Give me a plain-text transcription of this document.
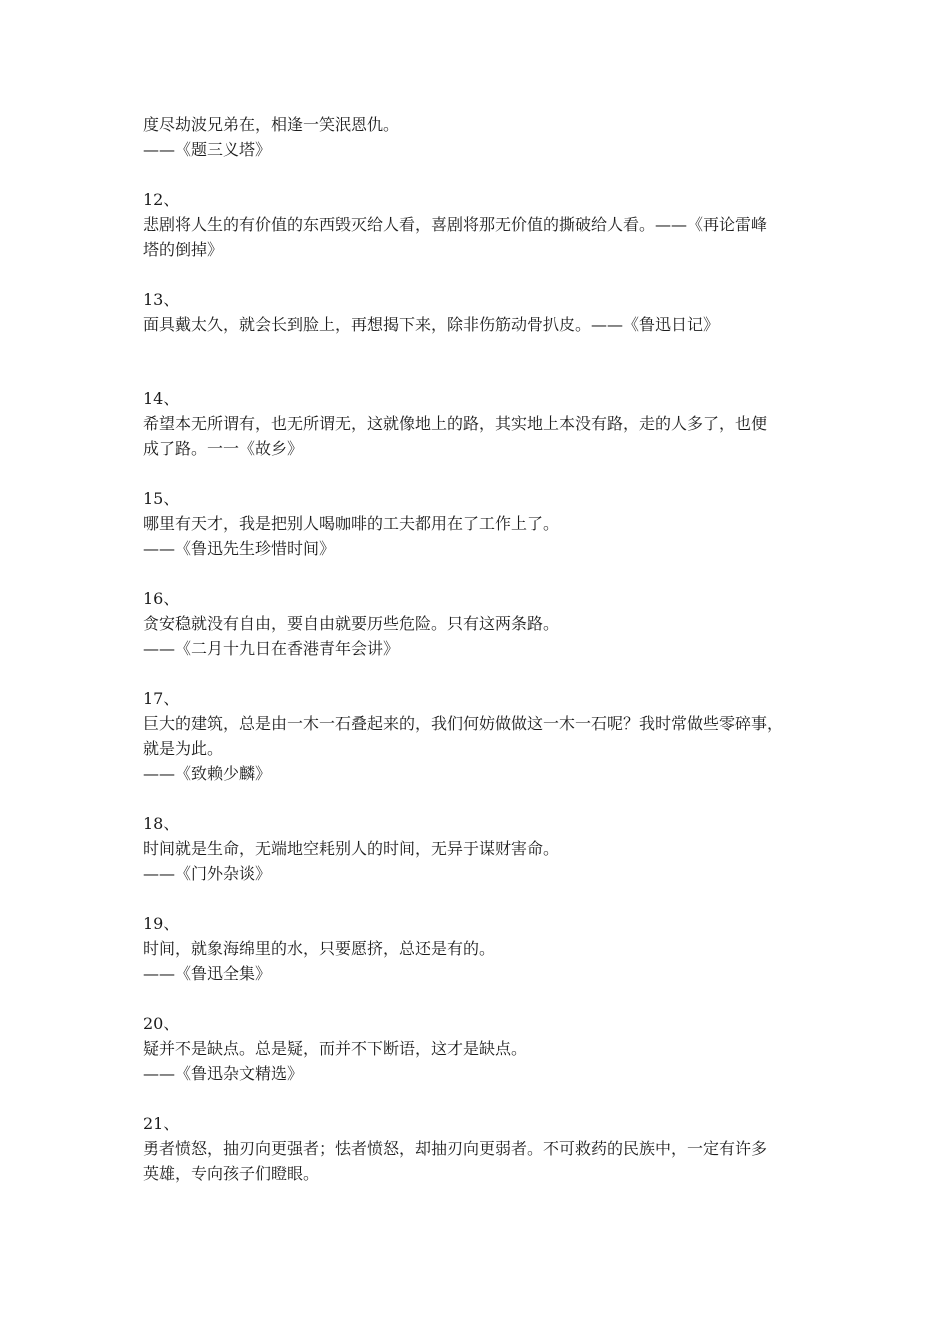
度尽劫波兄弟在，相逢一笑泯恩仇。

——《题三义塔》

12、

悲剧将人生的有价值的东西毁灭给人看，喜剧将那无价值的撕破给人看。——《再论雷峰

塔的倒掉》

13、

面具戴太久，就会长到脸上，再想揭下来，除非伤筋动骨扒皮。——《鲁迅日记》

14、

希望本无所谓有，也无所谓无，这就像地上的路，其实地上本没有路，走的人多了，也便

成了路。一一《故乡》

15、

哪里有天才，我是把别人喝咖啡的工夫都用在了工作上了。

——《鲁迅先生珍惜时间》

16、

贪安稳就没有自由，要自由就要历些危险。只有这两条路。

——《二月十九日在香港青年会讲》

17、

巨大的建筑，总是由一木一石叠起来的，我们何妨做做这一木一石呢？我时常做些零碎事，

就是为此。

——《致赖少麟》

18、

时间就是生命，无端地空耗别人的时间，无异于谋财害命。

——《门外杂谈》

19、

时间，就象海绵里的水，只要愿挤，总还是有的。

——《鲁迅全集》

20、

疑并不是缺点。总是疑，而并不下断语，这才是缺点。

——《鲁迅杂文精选》

21、

勇者愤怒，抽刃向更强者；怯者愤怒，却抽刃向更弱者。不可救药的民族中，一定有许多

英雄，专向孩子们瞪眼。
